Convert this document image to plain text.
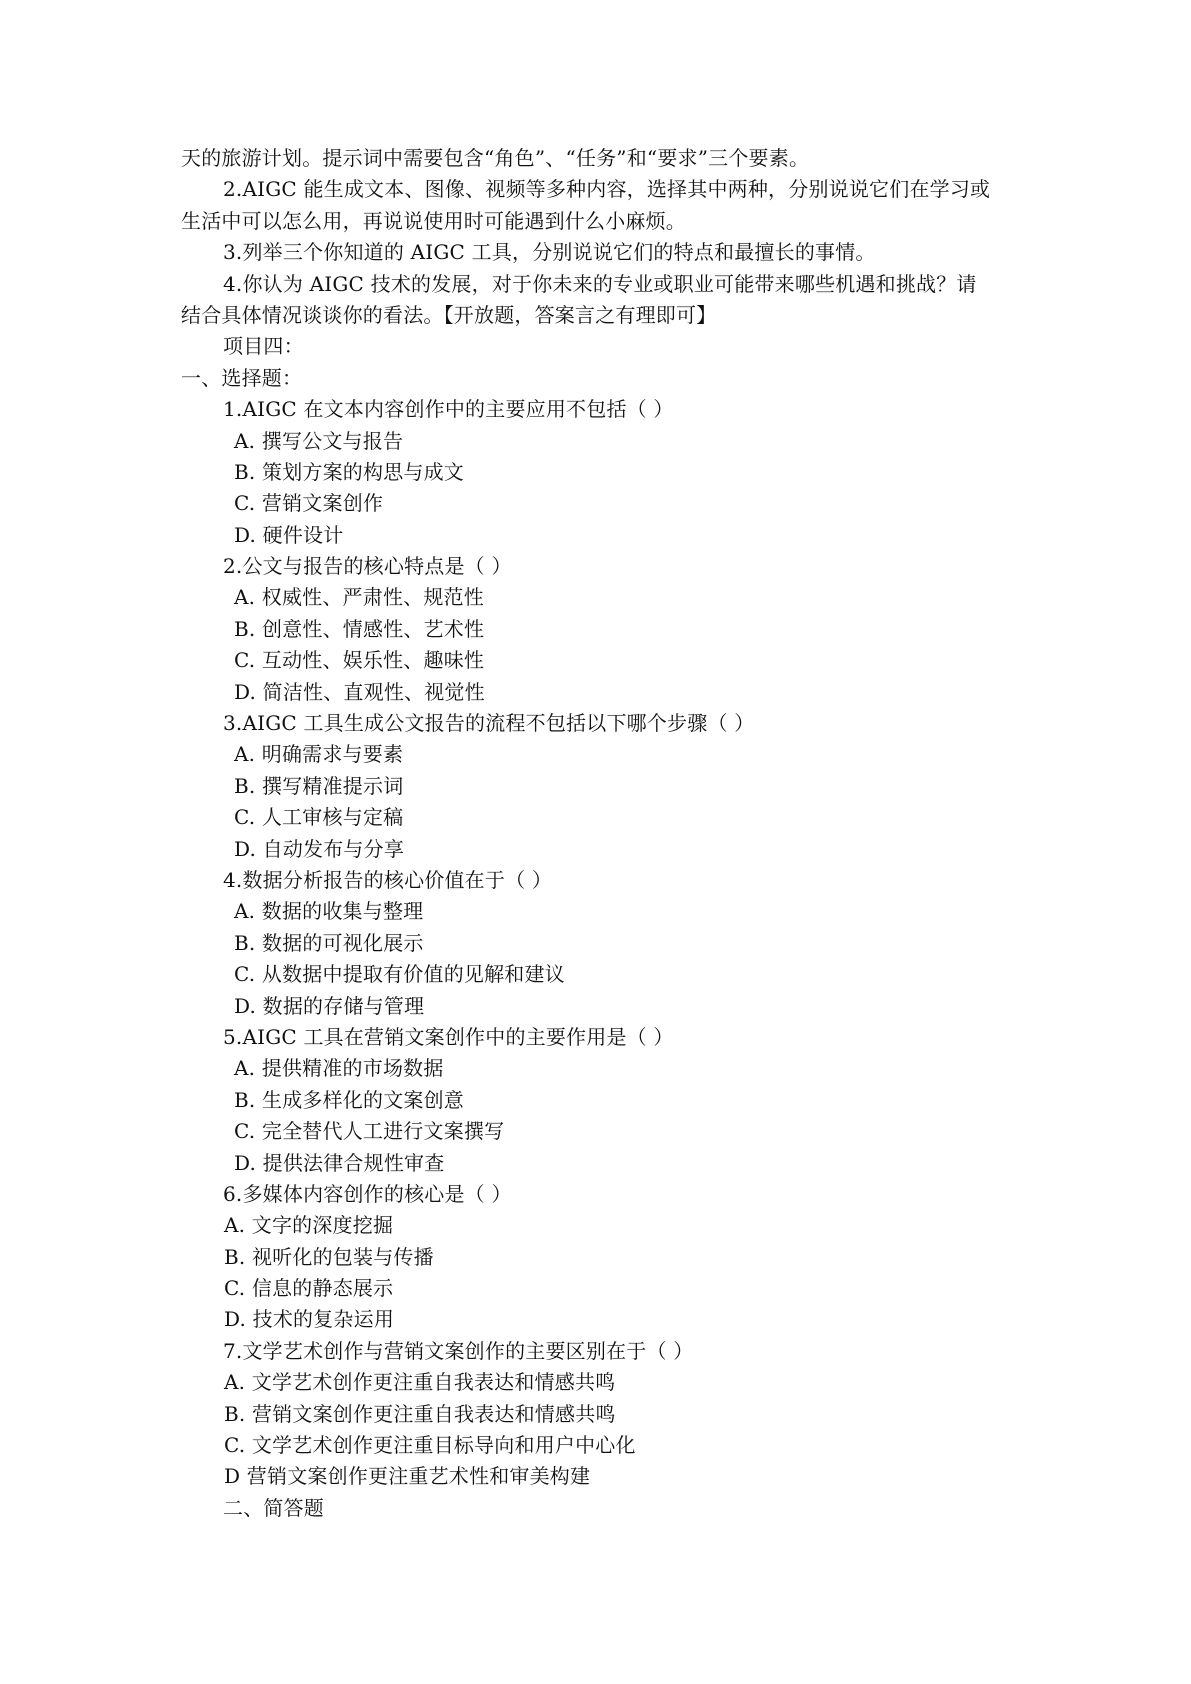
天的旅游计划。提示词中需要包含“角色”、“任务”和“要求”三个要素。
2.AIGC 能生成文本、图像、视频等多种内容，选择其中两种，分别说说它们在学习或
生活中可以怎么用，再说说使用时可能遇到什么小麻烦。
3.列举三个你知道的 AIGC 工具，分别说说它们的特点和最擅长的事情。
4.你认为 AIGC 技术的发展，对于你未来的专业或职业可能带来哪些机遇和挑战？请
结合具体情况谈谈你的看法。【开放题，答案言之有理即可】
项目四：
一、选择题：
1.AIGC 在文本内容创作中的主要应用不包括（ ）
A. 撰写公文与报告
B. 策划方案的构思与成文
C. 营销文案创作
D. 硬件设计
2.公文与报告的核心特点是（ ）
A. 权威性、严肃性、规范性
B. 创意性、情感性、艺术性
C. 互动性、娱乐性、趣味性
D. 简洁性、直观性、视觉性
3.AIGC 工具生成公文报告的流程不包括以下哪个步骤（ ）
A. 明确需求与要素
B. 撰写精准提示词
C. 人工审核与定稿
D. 自动发布与分享
4.数据分析报告的核心价值在于（ ）
A. 数据的收集与整理
B. 数据的可视化展示
C. 从数据中提取有价值的见解和建议
D. 数据的存储与管理
5.AIGC 工具在营销文案创作中的主要作用是（ ）
A. 提供精准的市场数据
B. 生成多样化的文案创意
C. 完全替代人工进行文案撰写
D. 提供法律合规性审查
6.多媒体内容创作的核心是（ ）
A. 文字的深度挖掘
B. 视听化的包装与传播
C. 信息的静态展示
D. 技术的复杂运用
7.文学艺术创作与营销文案创作的主要区别在于（ ）
A. 文学艺术创作更注重自我表达和情感共鸣
B. 营销文案创作更注重自我表达和情感共鸣
C. 文学艺术创作更注重目标导向和用户中心化
D 营销文案创作更注重艺术性和审美构建
二、简答题
